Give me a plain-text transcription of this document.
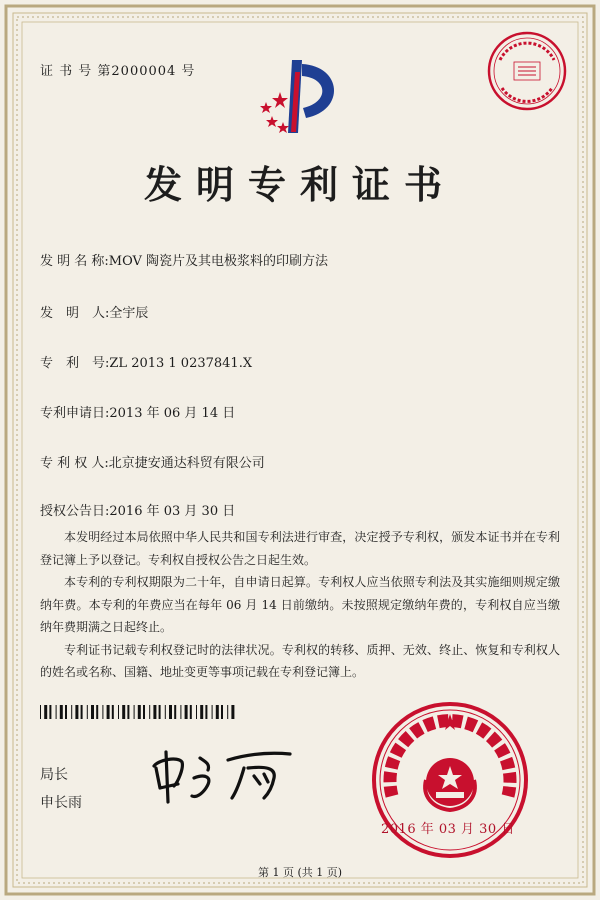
证 书 号 第2000004 号
发明专利证书
发 明 名 称:MOV 陶瓷片及其电极浆料的印刷方法
发　明　人:全宇辰
专　利　号:ZL 2013 1 0237841.X
专利申请日:2013 年 06 月 14 日
专 利 权 人:北京捷安通达科贸有限公司
授权公告日:2016 年 03 月 30 日

本发明经过本局依照中华人民共和国专利法进行审查，决定授予专利权，颁发本证书并在专利登记簿上予以登记。专利权自授权公告之日起生效。

本专利的专利权期限为二十年，自申请日起算。专利权人应当依照专利法及其实施细则规定缴纳年费。本专利的年费应当在每年 06 月 14 日前缴纳。未按照规定缴纳年费的，专利权自应当缴纳年费期满之日起终止。

专利证书记载专利权登记时的法律状况。专利权的转移、质押、无效、终止、恢复和专利权人的姓名或名称、国籍、地址变更等事项记载在专利登记簿上。

局长
申长雨
2016 年 03 月 30 日
第 1 页 (共 1 页)
